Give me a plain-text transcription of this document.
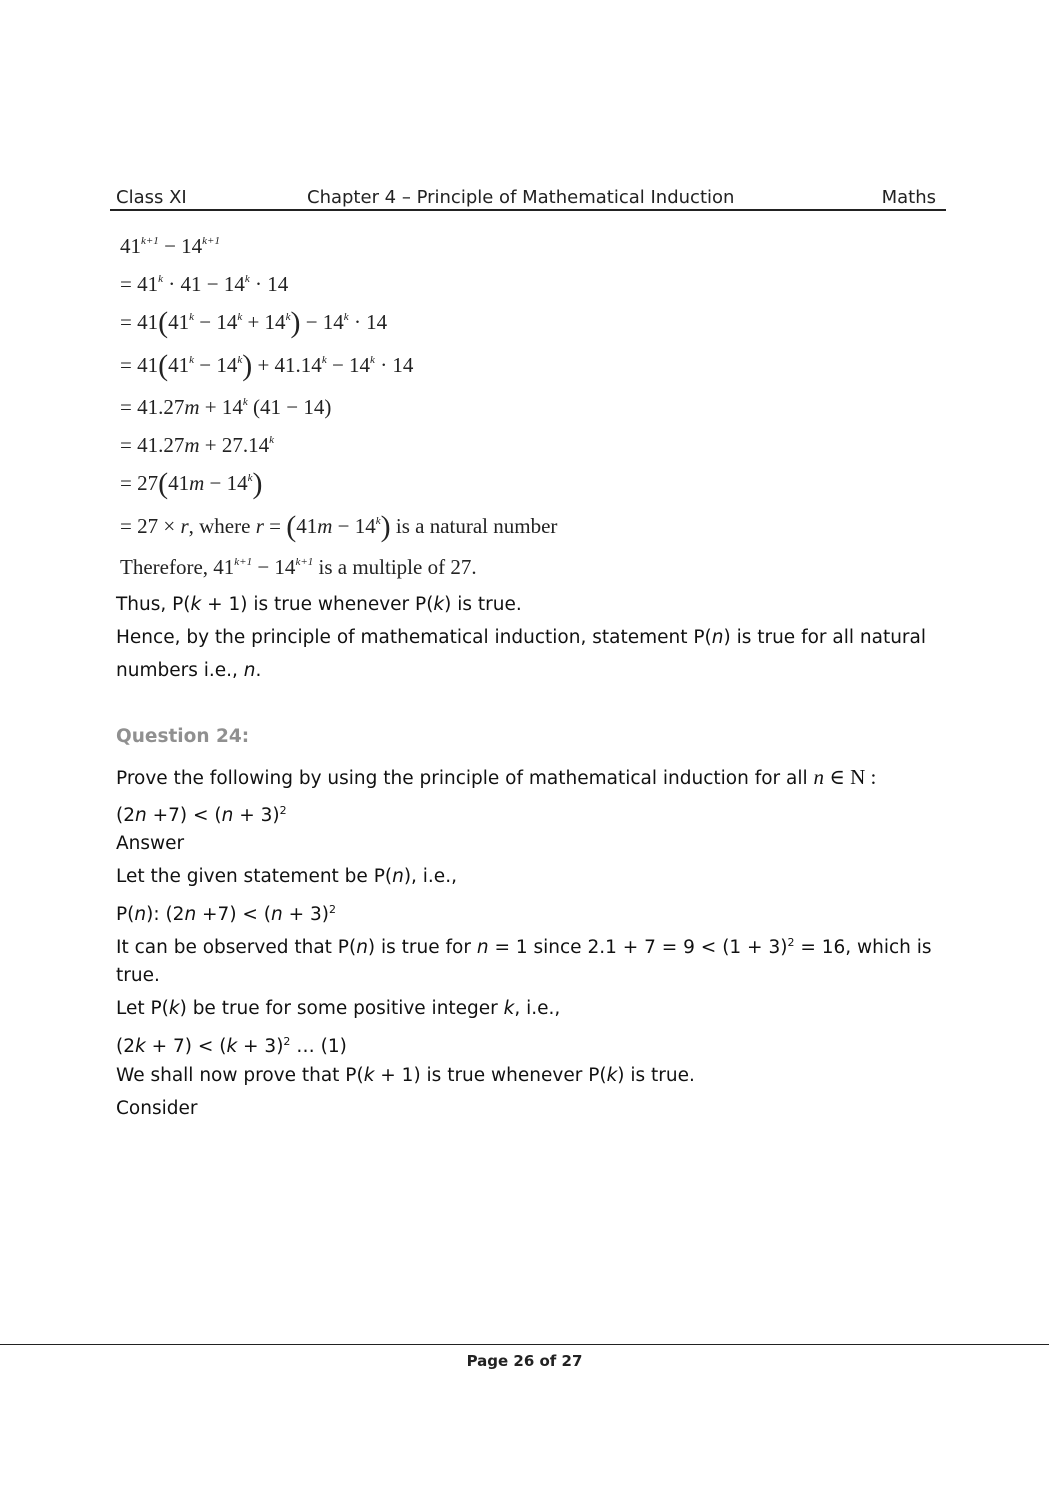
Class XI	Chapter 4 – Principle of Mathematical Induction	Maths
$41^{k+1} - 14^{k+1}$
= $41^k \cdot 41 - 14^k \cdot 14$
= $41(41^k - 14^k + 14^k) - 14^k \cdot 14$
= $41(41^k - 14^k) + 41.14^k - 14^k \cdot 14$
= $41.27m + 14^k$ (41 − 14)
= $41.27m + 27.14^k$
= $27(41m - 14^k)$
= 27 × r, where $r = (41m - 14^k)$ is a natural number
Therefore, $41^{k+1} - 14^{k+1}$ is a multiple of 27.
Thus, P(k + 1) is true whenever P(k) is true.
Hence, by the principle of mathematical induction, statement P(n) is true for all natural
numbers i.e., n.
Question 24:
Prove the following by using the principle of mathematical induction for all n ∈ N :
$(2n +7) < (n + 3)^2$
Answer
Let the given statement be P(n), i.e.,
P(n): $(2n +7) < (n + 3)^2$
It can be observed that P(n) is true for n = 1 since $2.1 + 7 = 9 < (1 + 3)^2 = 16$, which is
true.
Let P(k) be true for some positive integer k, i.e.,
$(2k + 7) < (k + 3)^2$ … (1)
We shall now prove that P(k + 1) is true whenever P(k) is true.
Consider
Page 26 of 27
